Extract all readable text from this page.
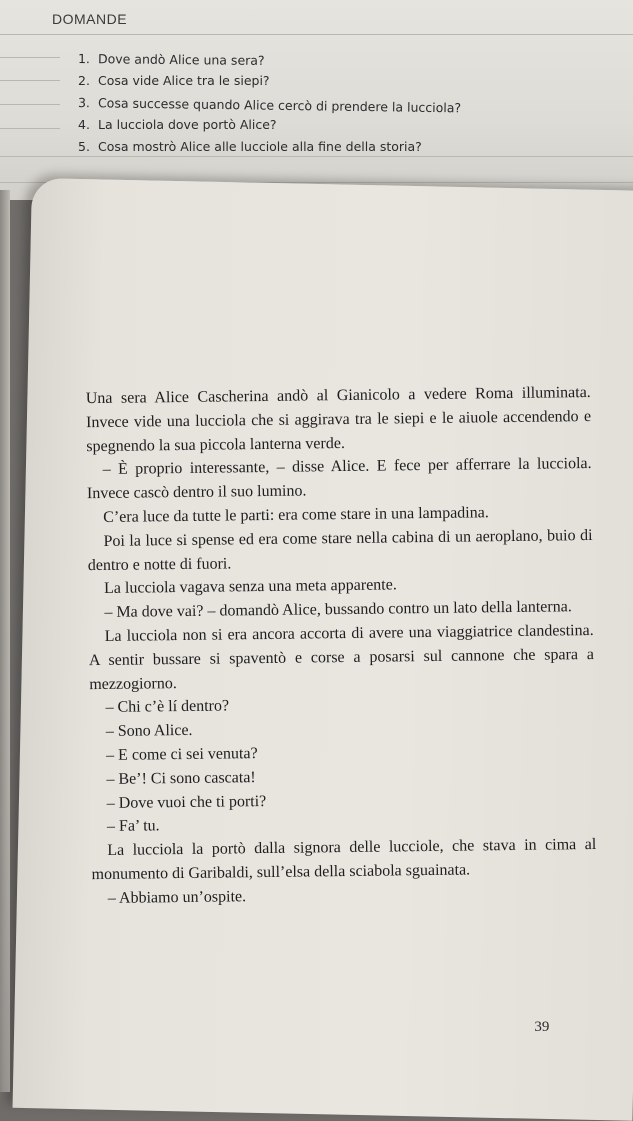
DOMANDE
1. Dove andò Alice una sera?
2. Cosa vide Alice tra le siepi?
3. Cosa successe quando Alice cercò di prendere la lucciola?
4. La lucciola dove portò Alice?
5. Cosa mostrò Alice alle lucciole alla fine della storia?

Una sera Alice Cascherina andò al Gianicolo a vedere Roma illuminata. Invece vide una lucciola che si aggirava tra le siepi e le aiuole accendendo e spegnendo la sua piccola lanterna verde.

– È proprio interessante, – disse Alice. E fece per afferrare la lucciola. Invece cascò dentro il suo lumino.

C’era luce da tutte le parti: era come stare in una lampadina.

Poi la luce si spense ed era come stare nella cabina di un aeroplano, buio di dentro e notte di fuori.

La lucciola vagava senza una meta apparente.

– Ma dove vai? – domandò Alice, bussando contro un lato della lanterna.

La lucciola non si era ancora accorta di avere una viaggiatrice clandestina. A sentir bussare si spaventò e corse a posarsi sul cannone che spara a mezzogiorno.

– Chi c’è lí dentro?

– Sono Alice.

– E come ci sei venuta?

– Be’! Ci sono cascata!

– Dove vuoi che ti porti?

– Fa’ tu.

La lucciola la portò dalla signora delle lucciole, che stava in cima al monumento di Garibaldi, sull’elsa della sciabola sguainata.

– Abbiamo un’ospite.

39
